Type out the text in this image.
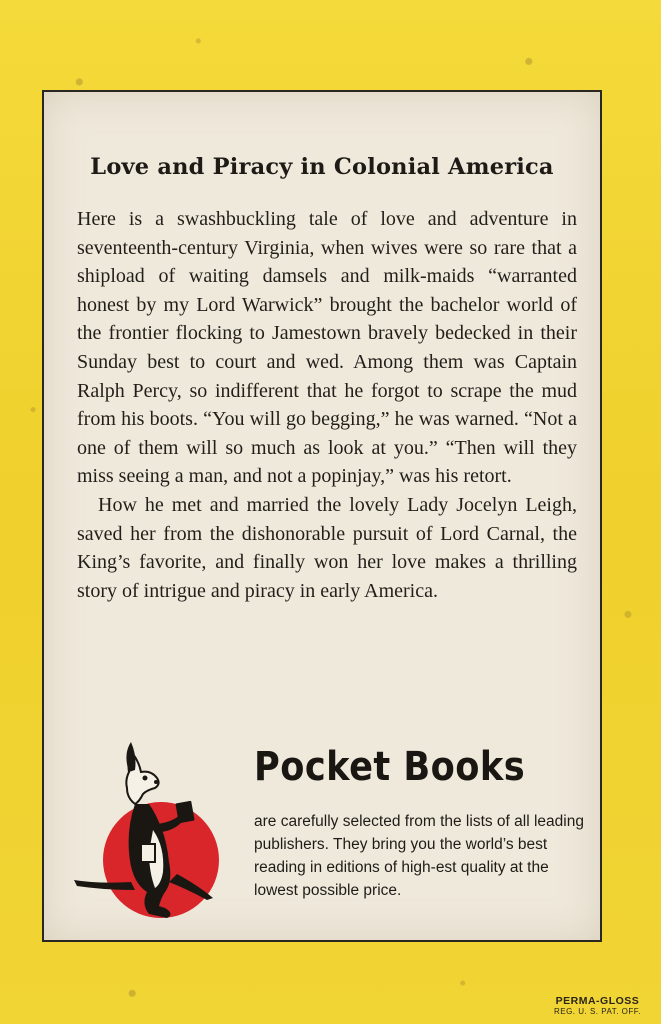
Love and Piracy in Colonial America

Here is a swashbuckling tale of love and adventure in seventeenth-century Virginia, when wives were so rare that a shipload of waiting damsels and milk-maids “warranted honest by my Lord Warwick” brought the bachelor world of the frontier flocking to Jamestown bravely bedecked in their Sunday best to court and wed. Among them was Captain Ralph Percy, so indifferent that he forgot to scrape the mud from his boots. “You will go begging,” he was warned. “Not a one of them will so much as look at you.” “Then will they miss seeing a man, and not a popinjay,” was his retort.

How he met and married the lovely Lady Jocelyn Leigh, saved her from the dishonorable pursuit of Lord Carnal, the King’s favorite, and finally won her love makes a thrilling story of intrigue and piracy in early America.

Pocket Books

are carefully selected from the lists of all leading publishers. They bring you the world’s best reading in editions of high-est quality at the lowest possible price.

PERMA-GLOSS
REG. U. S. PAT. OFF.
